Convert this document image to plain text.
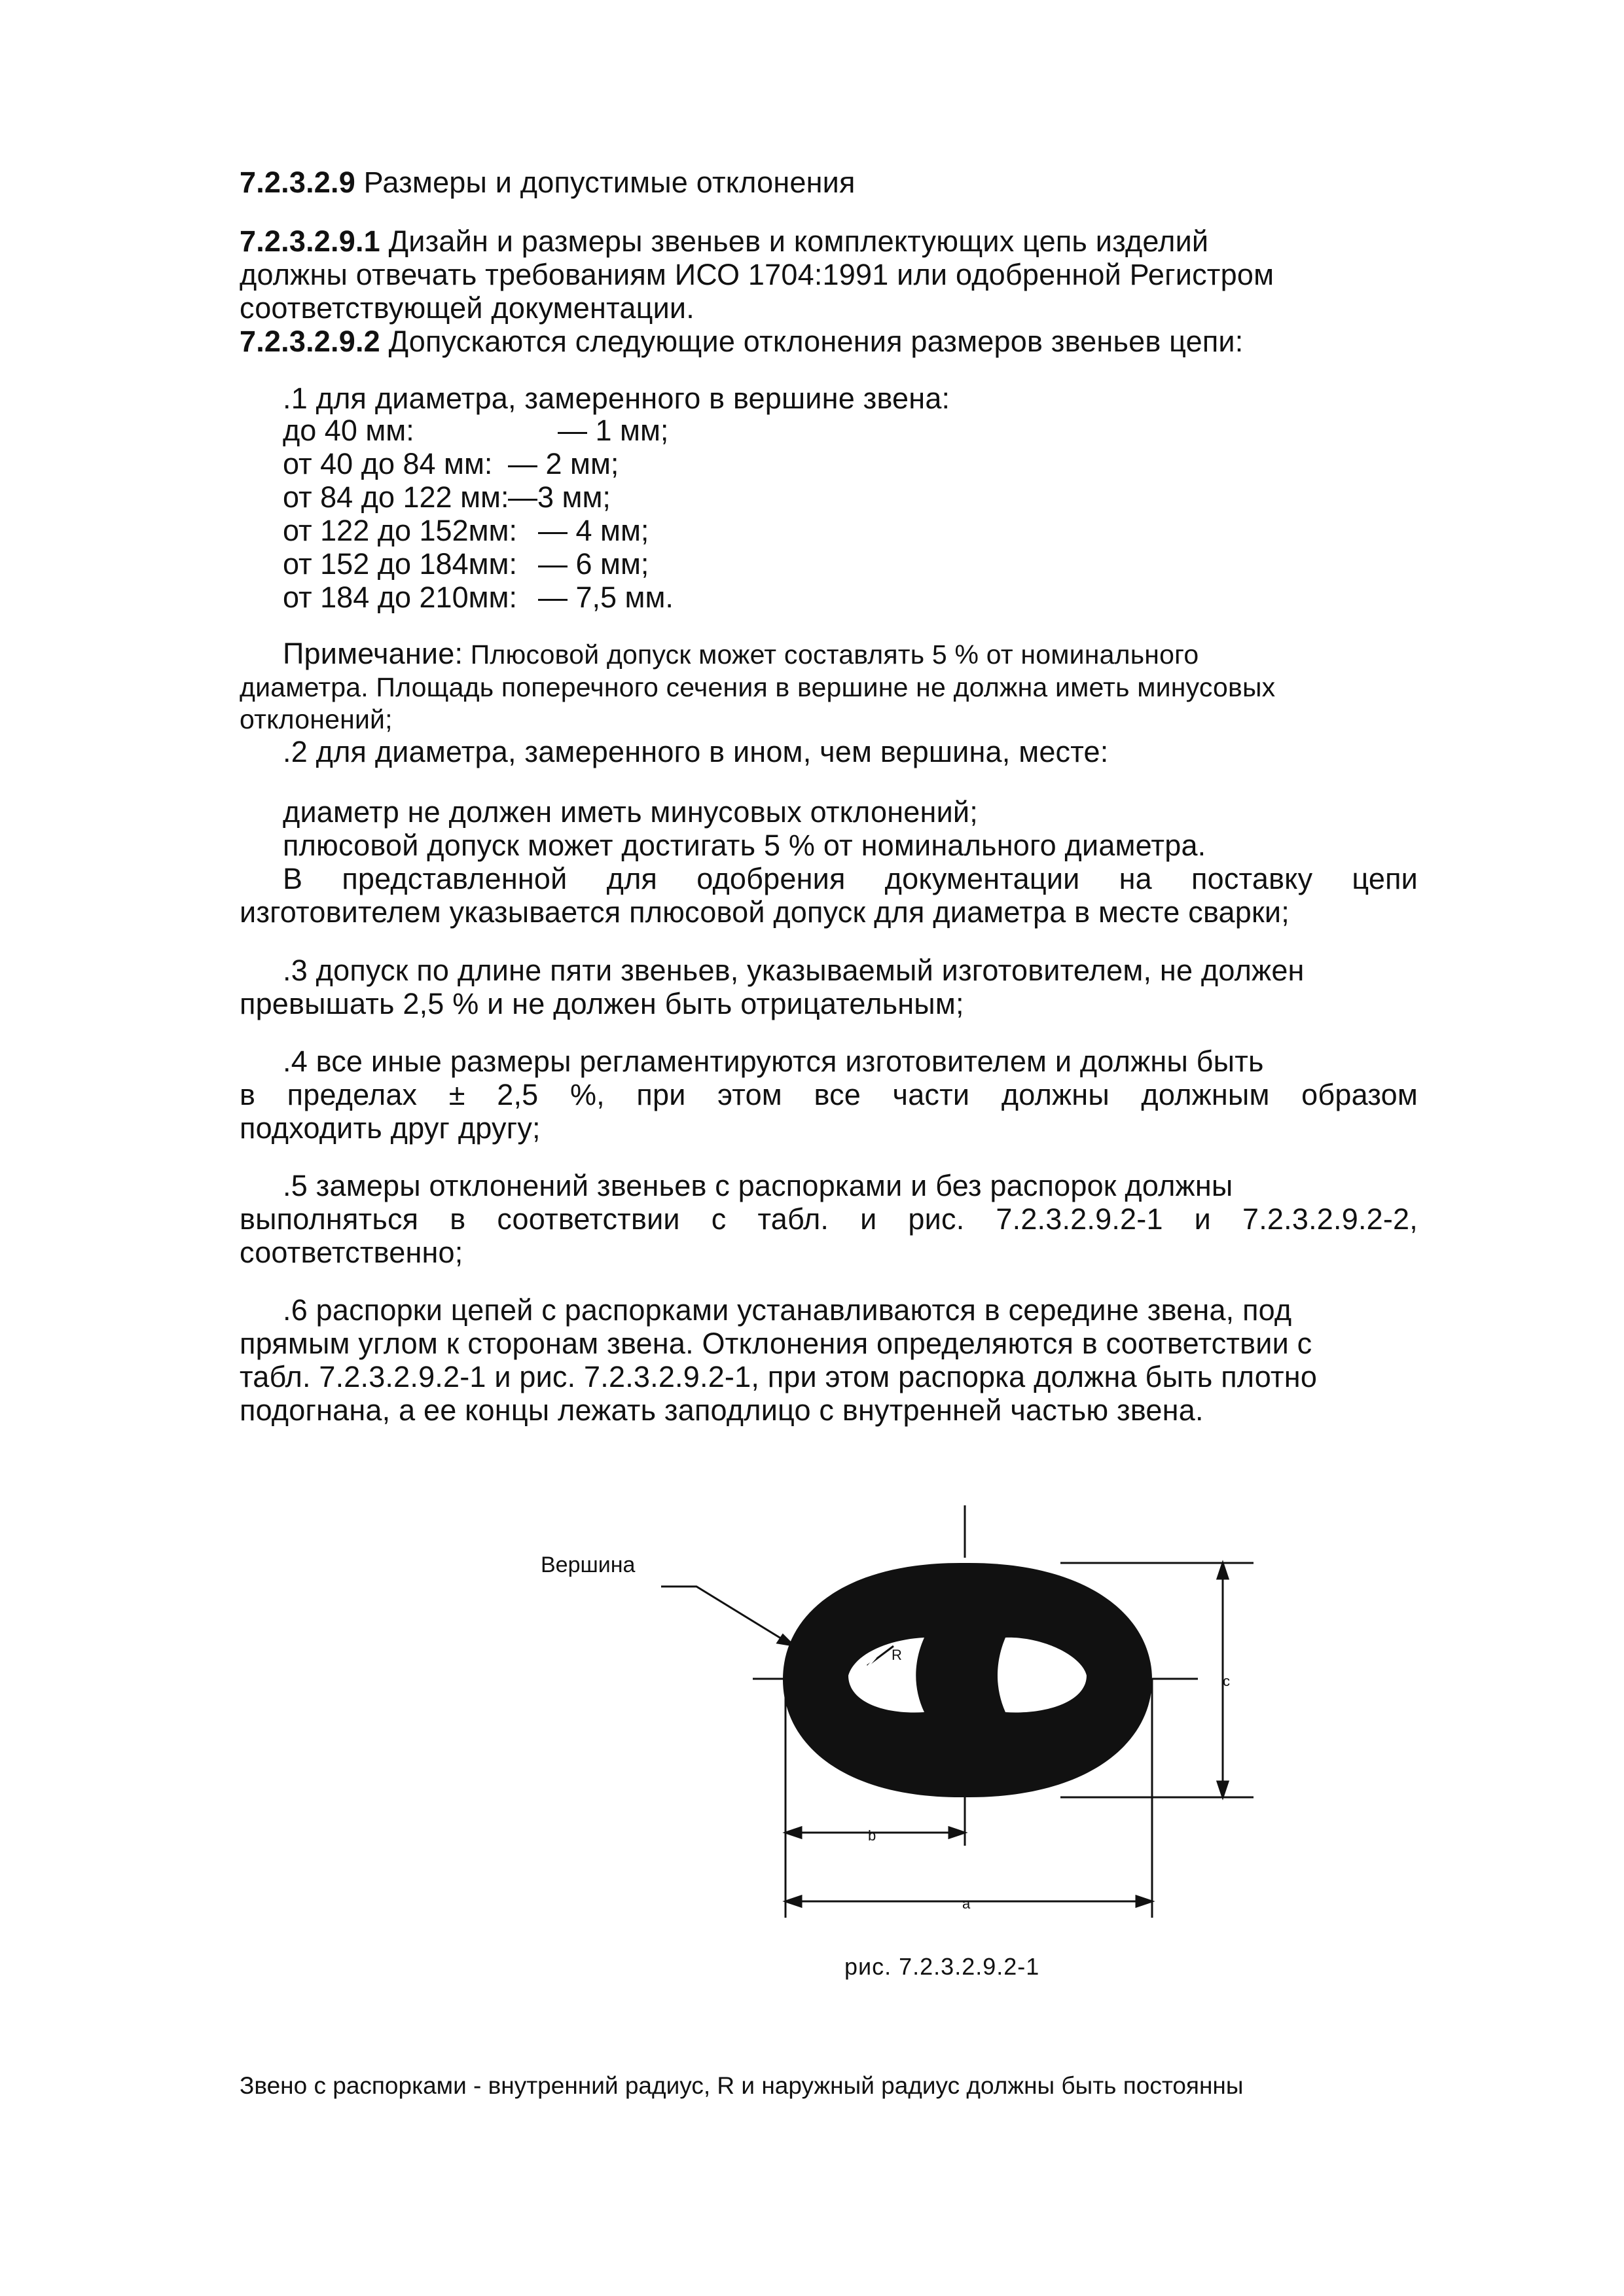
7.2.3.2.9 Размеры и допустимые отклонения
7.2.3.2.9.1 Дизайн и размеры звеньев и комплектующих цепь изделий
должны отвечать требованиям ИСО 1704:1991 или одобренной Регистром
соответствующей документации.
7.2.3.2.9.2 Допускаются следующие отклонения размеров звеньев цепи:
.1 для диаметра, замеренного в вершине звена:
до 40 мм:	— 1 мм;
от 40 до 84 мм: — 2 мм;
от 84 до 122 мм:
—3 мм;
от 122 до 152мм: — 4 мм;
от 152 до 184мм: — 6 мм;
от 184 до 210мм: — 7,5 мм.
Примечание: Плюсовой допуск может составлять 5 % от номинального
диаметра. Площадь поперечного сечения в вершине не должна иметь минусовых
отклонений;
.2 для диаметра, замеренного в ином, чем вершина, месте:
диаметр не должен иметь минусовых отклонений;
плюсовой допуск может достигать 5 % от номинального диаметра.
В представленной для одобрения документации на поставку цепи
изготовителем указывается плюсовой допуск для диаметра в месте сварки;
.3 допуск по длине пяти звеньев, указываемый изготовителем, не должен
превышать 2,5 % и не должен быть отрицательным;
.4 все иные размеры регламентируются изготовителем и должны быть
в пределах ± 2,5 %, при этом все части должны должным образом
подходить друг другу;
.5 замеры отклонений звеньев с распорками и без распорок должны
выполняться в соответствии с табл. и рис. 7.2.3.2.9.2-1 и 7.2.3.2.9.2-2,
соответственно;
.6 распорки цепей с распорками устанавливаются в середине звена, под
прямым углом к сторонам звена. Отклонения определяются в соответствии с
табл. 7.2.3.2.9.2-1 и рис. 7.2.3.2.9.2-1, при этом распорка должна быть плотно
подогнана, а ее концы лежать заподлицо с внутренней частью звена.
Вершина
R
b
a
c
рис. 7.2.3.2.9.2-1
Звено с распорками - внутренний радиус, R и наружный радиус должны быть постоянны
